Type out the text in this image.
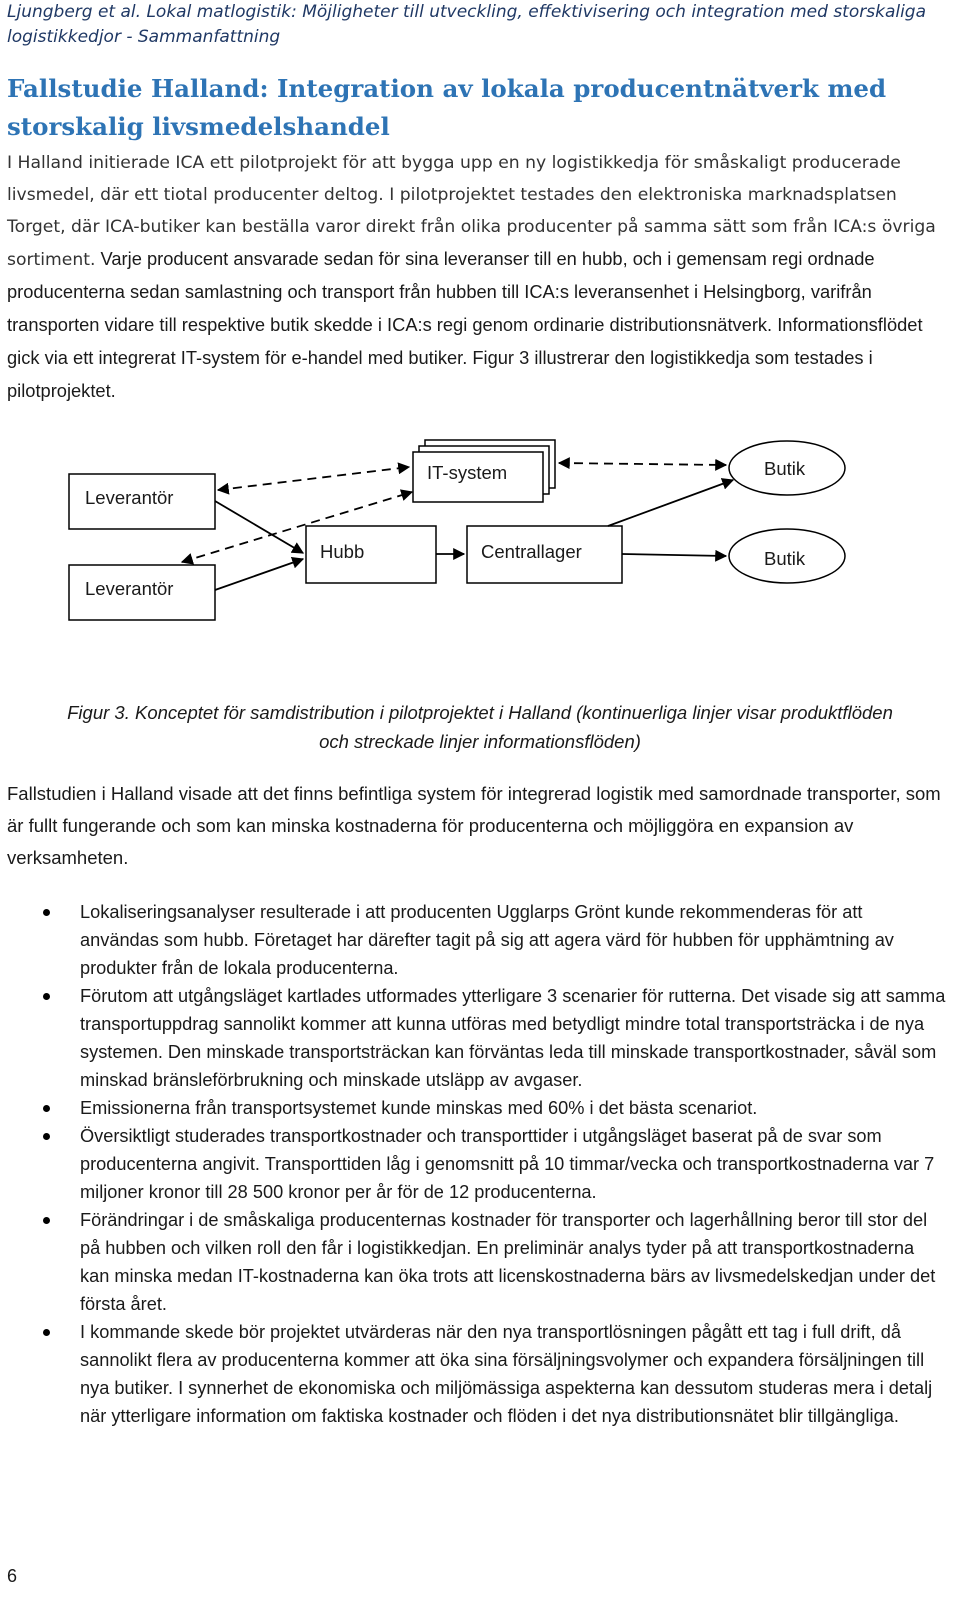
Ljungberg et al. Lokal matlogistik: Möjligheter till utveckling, effektivisering och integration med storskaliga logistikkedjor - Sammanfattning
Fallstudie Halland: Integration av lokala producentnätverk med storskalig livsmedelshandel
I Halland initierade ICA ett pilotprojekt för att bygga upp en ny logistikkedja för småskaligt producerade livsmedel, där ett tiotal producenter deltog. I pilotprojektet testades den elektroniska marknadsplatsen Torget, där ICA-butiker kan beställa varor direkt från olika producenter på samma sätt som från ICA:s övriga sortiment. Varje producent ansvarade sedan för sina leveranser till en hubb, och i gemensam regi ordnade producenterna sedan samlastning och transport från hubben till ICA:s leveransenhet i Helsingborg, varifrån transporten vidare till respektive butik skedde i ICA:s regi genom ordinarie distributionsnätverk. Informationsflödet gick via ett integrerat IT-system för e-handel med butiker. Figur 3 illustrerar den logistikkedja som testades i pilotprojektet.
Leverantör
Leverantör
IT-system
Hubb	Centrallager
Butik
Butik
Figur 3. Konceptet för samdistribution i pilotprojektet i Halland (kontinuerliga linjer visar produktflöden och streckade linjer informationsflöden)
Fallstudien i Halland visade att det finns befintliga system för integrerad logistik med samordnade transporter, som är fullt fungerande och som kan minska kostnaderna för producenterna och möjliggöra en expansion av verksamheten.
Lokaliseringsanalyser resulterade i att producenten Ugglarps Grönt kunde rekommenderas för att användas som hubb. Företaget har därefter tagit på sig att agera värd för hubben för upphämtning av produkter från de lokala producenterna.
Förutom att utgångsläget kartlades utformades ytterligare 3 scenarier för rutterna. Det visade sig att samma transportuppdrag sannolikt kommer att kunna utföras med betydligt mindre total transportsträcka i de nya systemen. Den minskade transportsträckan kan förväntas leda till minskade transportkostnader, såväl som minskad bränsleförbrukning och minskade utsläpp av avgaser.
Emissionerna från transportsystemet kunde minskas med 60% i det bästa scenariot.
Översiktligt studerades transportkostnader och transporttider i utgångsläget baserat på de svar som producenterna angivit. Transporttiden låg i genomsnitt på 10 timmar/vecka och transportkostnaderna var 7 miljoner kronor till 28 500 kronor per år för de 12 producenterna.
Förändringar i de småskaliga producenternas kostnader för transporter och lagerhållning beror till stor del på hubben och vilken roll den får i logistikkedjan. En preliminär analys tyder på att transportkostnaderna kan minska medan IT-kostnaderna kan öka trots att licenskostnaderna bärs av livsmedelskedjan under det första året.
I kommande skede bör projektet utvärderas när den nya transportlösningen pågått ett tag i full drift, då sannolikt flera av producenterna kommer att öka sina försäljningsvolymer och expandera försäljningen till nya butiker. I synnerhet de ekonomiska och miljömässiga aspekterna kan dessutom studeras mera i detalj när ytterligare information om faktiska kostnader och flöden i det nya distributionsnätet blir tillgängliga.
6
